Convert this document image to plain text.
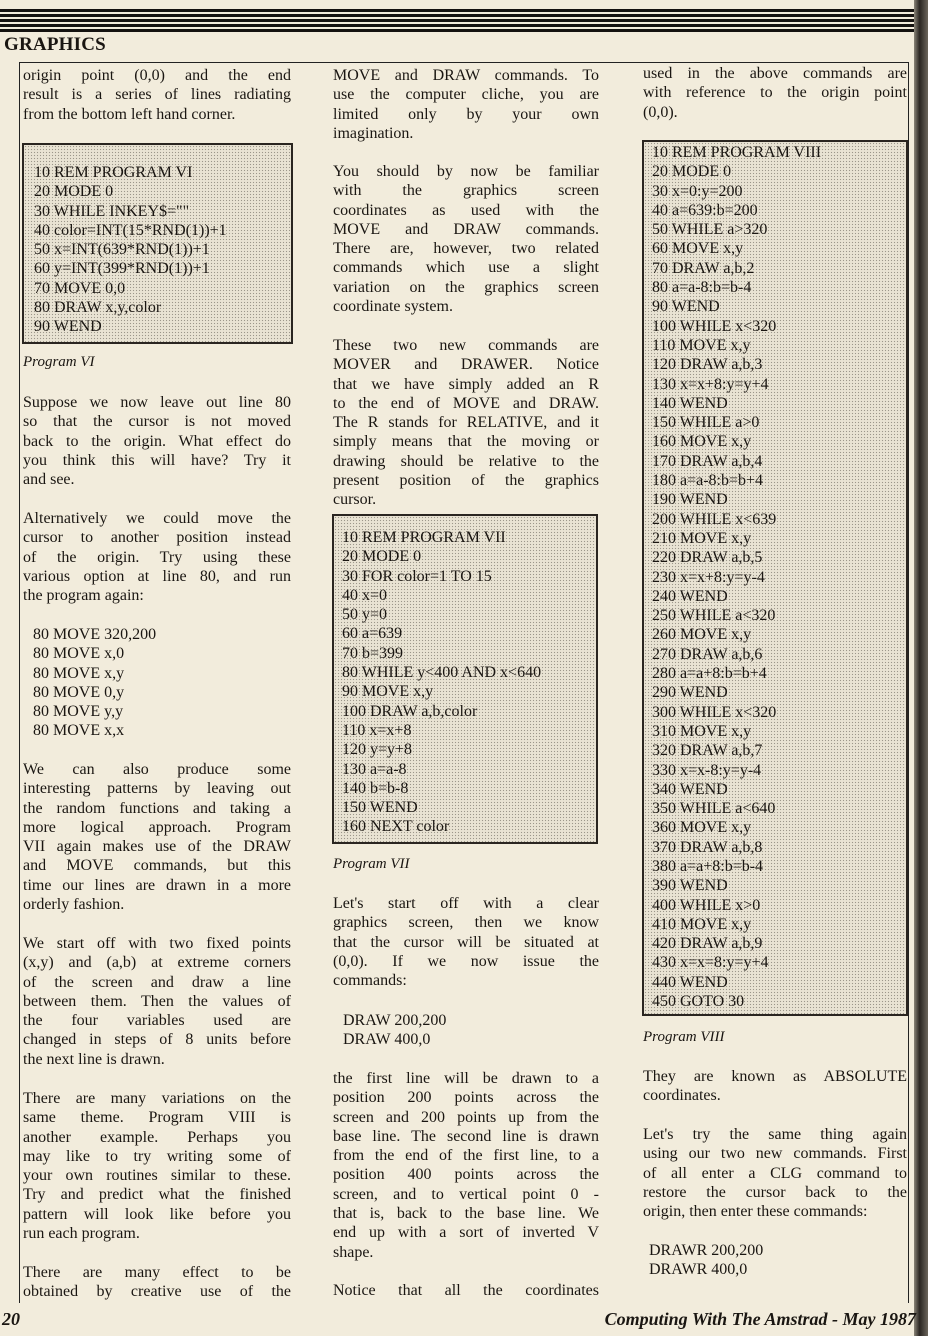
GRAPHICS
origin point (0,0) and the end
result is a series of lines radiating
from the bottom left hand corner.
10 REM PROGRAM VI
20 MODE 0
30 WHILE INKEY$=""
40 color=INT(15*RND(1))+1
50 x=INT(639*RND(1))+1
60 y=INT(399*RND(1))+1
70 MOVE 0,0
80 DRAW x,y,color
90 WEND
Program VI
Suppose we now leave out line 80
so that the cursor is not moved
back to the origin. What effect do
you think this will have? Try it
and see.
Alternatively we could move the
cursor to another position instead
of the origin. Try using these
various option at line 80, and run
the program again:
80 MOVE 320,200
80 MOVE x,0
80 MOVE x,y
80 MOVE 0,y
80 MOVE y,y
80 MOVE x,x
We can also produce some
interesting patterns by leaving out
the random functions and taking a
more logical approach. Program
VII again makes use of the DRAW
and MOVE commands, but this
time our lines are drawn in a more
orderly fashion.
We start off with two fixed points
(x,y) and (a,b) at extreme corners
of the screen and draw a line
between them. Then the values of
the four variables used are
changed in steps of 8 units before
the next line is drawn.
There are many variations on the
same theme. Program VIII is
another example. Perhaps you
may like to try writing some of
your own routines similar to these.
Try and predict what the finished
pattern will look like before you
run each program.
There are many effect to be
obtained by creative use of the
MOVE and DRAW commands. To
use the computer cliche, you are
limited only by your own
imagination.
You should by now be familiar
with the graphics screen
coordinates as used with the
MOVE and DRAW commands.
There are, however, two related
commands which use a slight
variation on the graphics screen
coordinate system.
These two new commands are
MOVER and DRAWER. Notice
that we have simply added an R
to the end of MOVE and DRAW.
The R stands for RELATIVE, and it
simply means that the moving or
drawing should be relative to the
present position of the graphics
cursor.
10 REM PROGRAM VII
20 MODE 0
30 FOR color=1 TO 15
40 x=0
50 y=0
60 a=639
70 b=399
80 WHILE y<400 AND x<640
90 MOVE x,y
100 DRAW a,b,color
110 x=x+8
120 y=y+8
130 a=a-8
140 b=b-8
150 WEND
160 NEXT color
Program VII
Let's start off with a clear
graphics screen, then we know
that the cursor will be situated at
(0,0). If we now issue the
commands:
DRAW 200,200
DRAW 400,0
the first line will be drawn to a
position 200 points across the
screen and 200 points up from the
base line. The second line is drawn
from the end of the first line, to a
position 400 points across the
screen, and to vertical point 0 -
that is, back to the base line. We
end up with a sort of inverted V
shape.
Notice that all the coordinates
used in the above commands are
with reference to the origin point
(0,0).
10 REM PROGRAM VIII
20 MODE 0
30 x=0:y=200
40 a=639:b=200
50 WHILE a>320
60 MOVE x,y
70 DRAW a,b,2
80 a=a-8:b=b-4
90 WEND
100 WHILE x<320
110 MOVE x,y
120 DRAW a,b,3
130 x=x+8:y=y+4
140 WEND
150 WHILE a>0
160 MOVE x,y
170 DRAW a,b,4
180 a=a-8:b=b+4
190 WEND
200 WHILE x<639
210 MOVE x,y
220 DRAW a,b,5
230 x=x+8:y=y-4
240 WEND
250 WHILE a<320
260 MOVE x,y
270 DRAW a,b,6
280 a=a+8:b=b+4
290 WEND
300 WHILE x<320
310 MOVE x,y
320 DRAW a,b,7
330 x=x-8:y=y-4
340 WEND
350 WHILE a<640
360 MOVE x,y
370 DRAW a,b,8
380 a=a+8:b=b-4
390 WEND
400 WHILE x>0
410 MOVE x,y
420 DRAW a,b,9
430 x=x=8:y=y+4
440 WEND
450 GOTO 30
Program VIII
They are known as ABSOLUTE
coordinates.
Let's try the same thing again
using our two new commands. First
of all enter a CLG command to
restore the cursor back to the
origin, then enter these commands:
DRAWR 200,200
DRAWR 400,0
20	Computing With The Amstrad - May 1987
